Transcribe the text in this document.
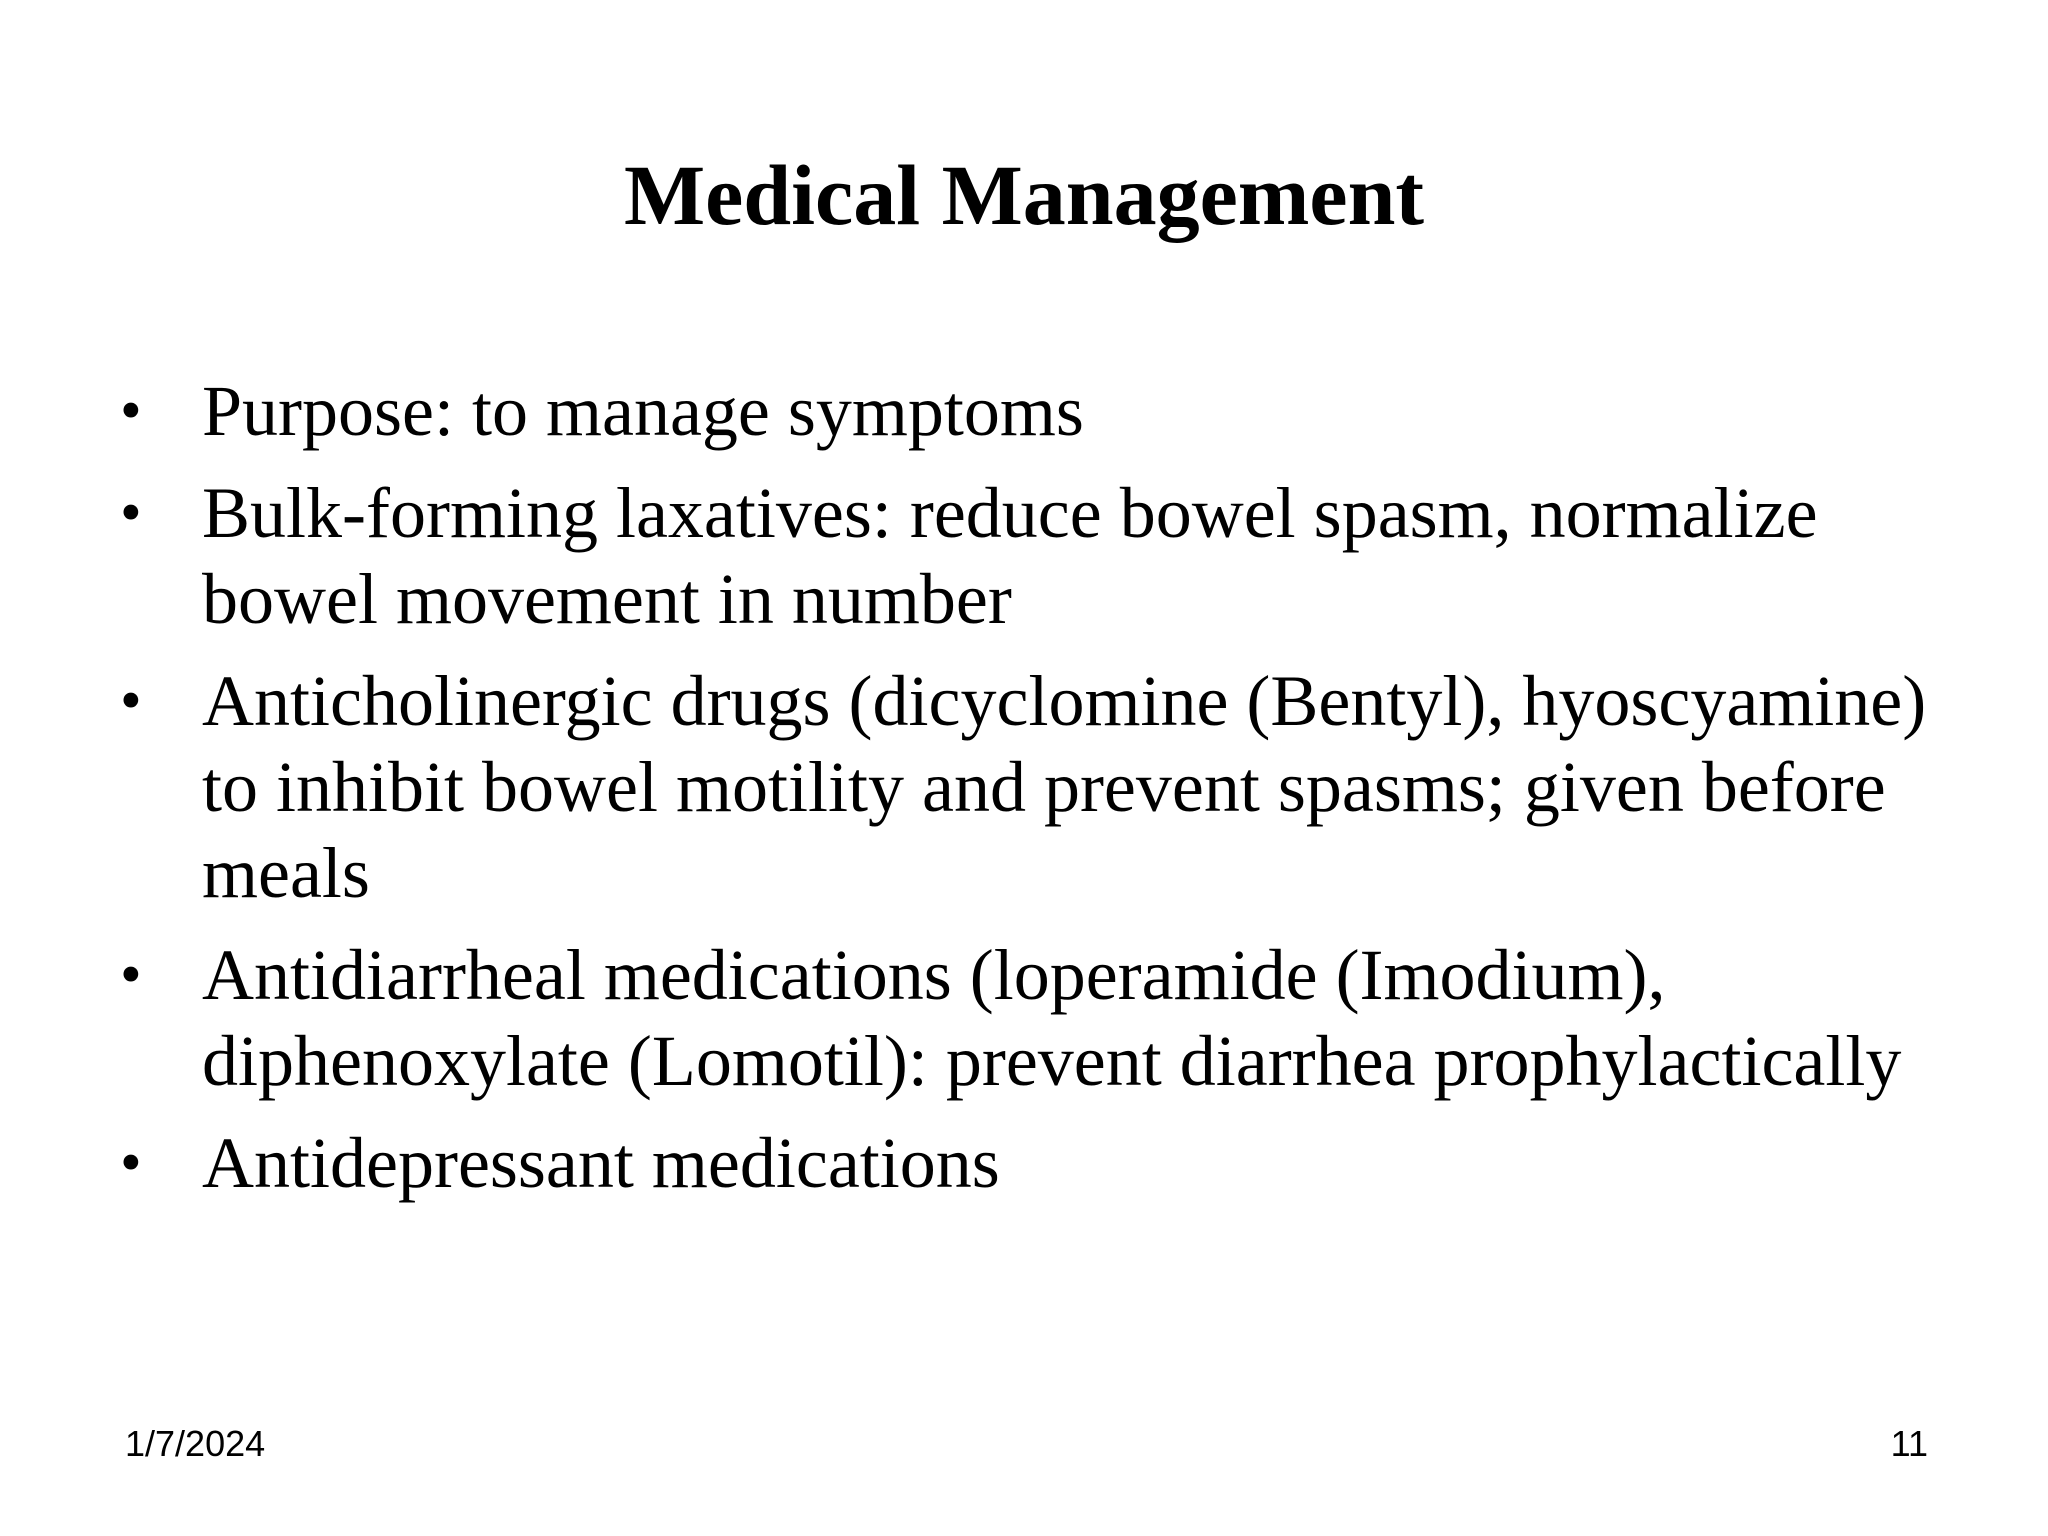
Medical Management
• Purpose: to manage symptoms
• Bulk-forming laxatives: reduce bowel spasm, normalize bowel movement in number
• Anticholinergic drugs (dicyclomine (Bentyl), hyoscyamine) to inhibit bowel motility and prevent spasms; given before meals
• Antidiarrheal medications (loperamide (Imodium), diphenoxylate (Lomotil): prevent diarrhea prophylactically
• Antidepressant medications
1/7/2024	11
